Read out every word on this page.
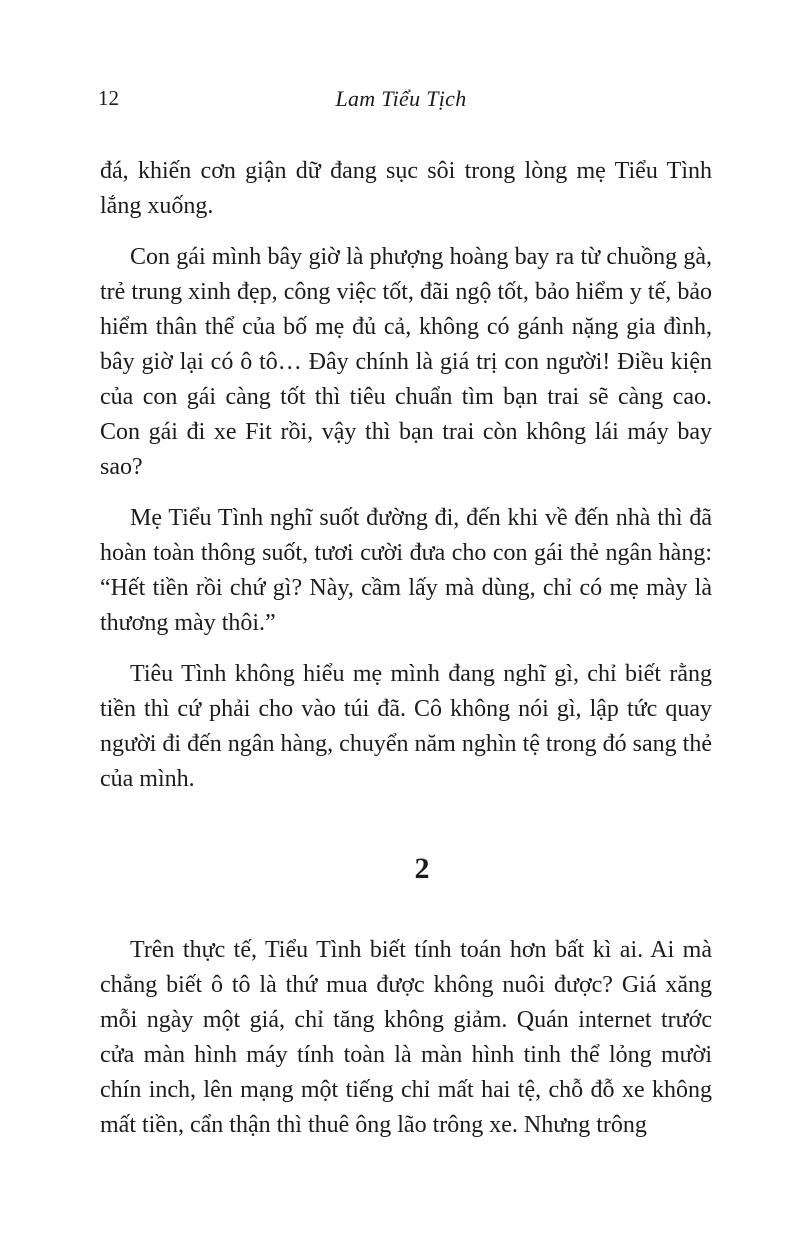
12	Lam Tiểu Tịch

đá, khiến cơn giận dữ đang sục sôi trong lòng mẹ Tiểu Tình lắng xuống.

Con gái mình bây giờ là phượng hoàng bay ra từ chuồng gà, trẻ trung xinh đẹp, công việc tốt, đãi ngộ tốt, bảo hiểm y tế, bảo hiểm thân thể của bố mẹ đủ cả, không có gánh nặng gia đình, bây giờ lại có ô tô… Đây chính là giá trị con người! Điều kiện của con gái càng tốt thì tiêu chuẩn tìm bạn trai sẽ càng cao. Con gái đi xe Fit rồi, vậy thì bạn trai còn không lái máy bay sao?

Mẹ Tiểu Tình nghĩ suốt đường đi, đến khi về đến nhà thì đã hoàn toàn thông suốt, tươi cười đưa cho con gái thẻ ngân hàng: “Hết tiền rồi chứ gì? Này, cầm lấy mà dùng, chỉ có mẹ mày là thương mày thôi.”

Tiêu Tình không hiểu mẹ mình đang nghĩ gì, chỉ biết rằng tiền thì cứ phải cho vào túi đã. Cô không nói gì, lập tức quay người đi đến ngân hàng, chuyển năm nghìn tệ trong đó sang thẻ của mình.

2

Trên thực tế, Tiểu Tình biết tính toán hơn bất kì ai. Ai mà chẳng biết ô tô là thứ mua được không nuôi được? Giá xăng mỗi ngày một giá, chỉ tăng không giảm. Quán internet trước cửa màn hình máy tính toàn là màn hình tinh thể lỏng mười chín inch, lên mạng một tiếng chỉ mất hai tệ, chỗ đỗ xe không mất tiền, cẩn thận thì thuê ông lão trông xe. Nhưng trông
